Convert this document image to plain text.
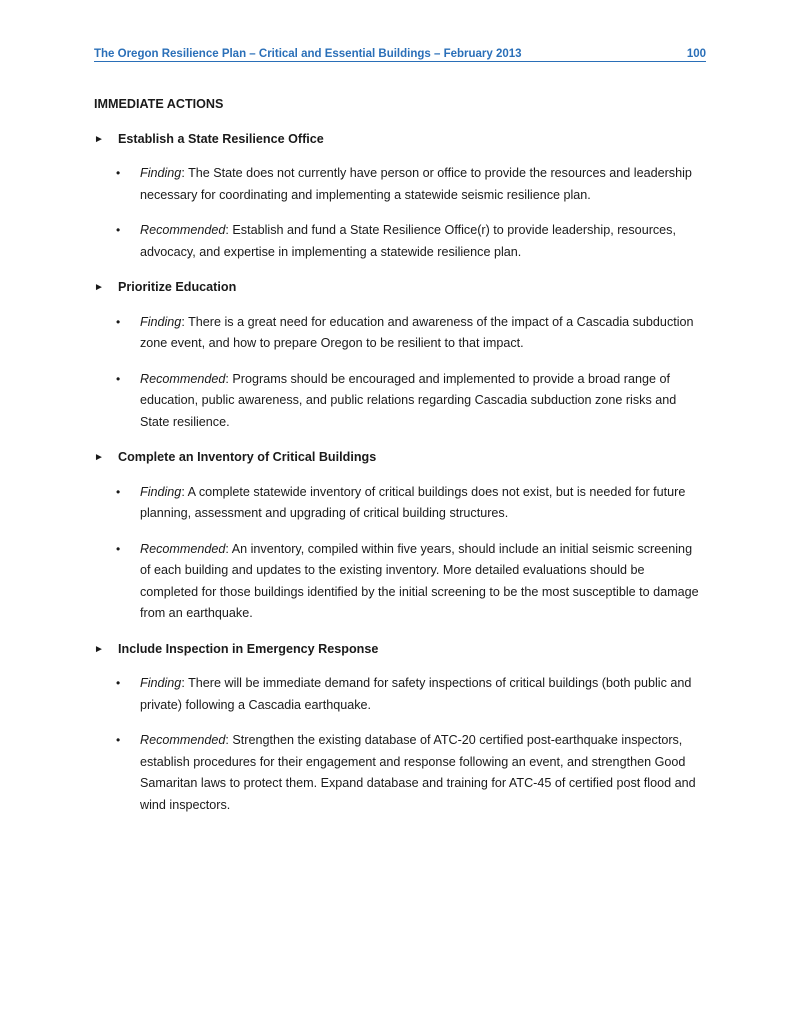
The Oregon Resilience Plan – Critical and Essential Buildings – February 2013	100
IMMEDIATE ACTIONS
►	Establish a State Resilience Office
•	Finding: The State does not currently have person or office to provide the resources and leadership necessary for coordinating and implementing a statewide seismic resilience plan.
•	Recommended: Establish and fund a State Resilience Office(r) to provide leadership, resources, advocacy, and expertise in implementing a statewide resilience plan.
►	Prioritize Education
•	Finding: There is a great need for education and awareness of the impact of a Cascadia subduction zone event, and how to prepare Oregon to be resilient to that impact.
•	Recommended: Programs should be encouraged and implemented to provide a broad range of education, public awareness, and public relations regarding Cascadia subduction zone risks and State resilience.
►	Complete an Inventory of Critical Buildings
•	Finding: A complete statewide inventory of critical buildings does not exist, but is needed for future planning, assessment and upgrading of critical building structures.
•	Recommended: An inventory, compiled within five years, should include an initial seismic screening of each building and updates to the existing inventory. More detailed evaluations should be completed for those buildings identified by the initial screening to be the most susceptible to damage from an earthquake.
►	Include Inspection in Emergency Response
•	Finding: There will be immediate demand for safety inspections of critical buildings (both public and private) following a Cascadia earthquake.
•	Recommended: Strengthen the existing database of ATC-20 certified post-earthquake inspectors, establish procedures for their engagement and response following an event, and strengthen Good Samaritan laws to protect them. Expand database and training for ATC-45 of certified post flood and wind inspectors.
